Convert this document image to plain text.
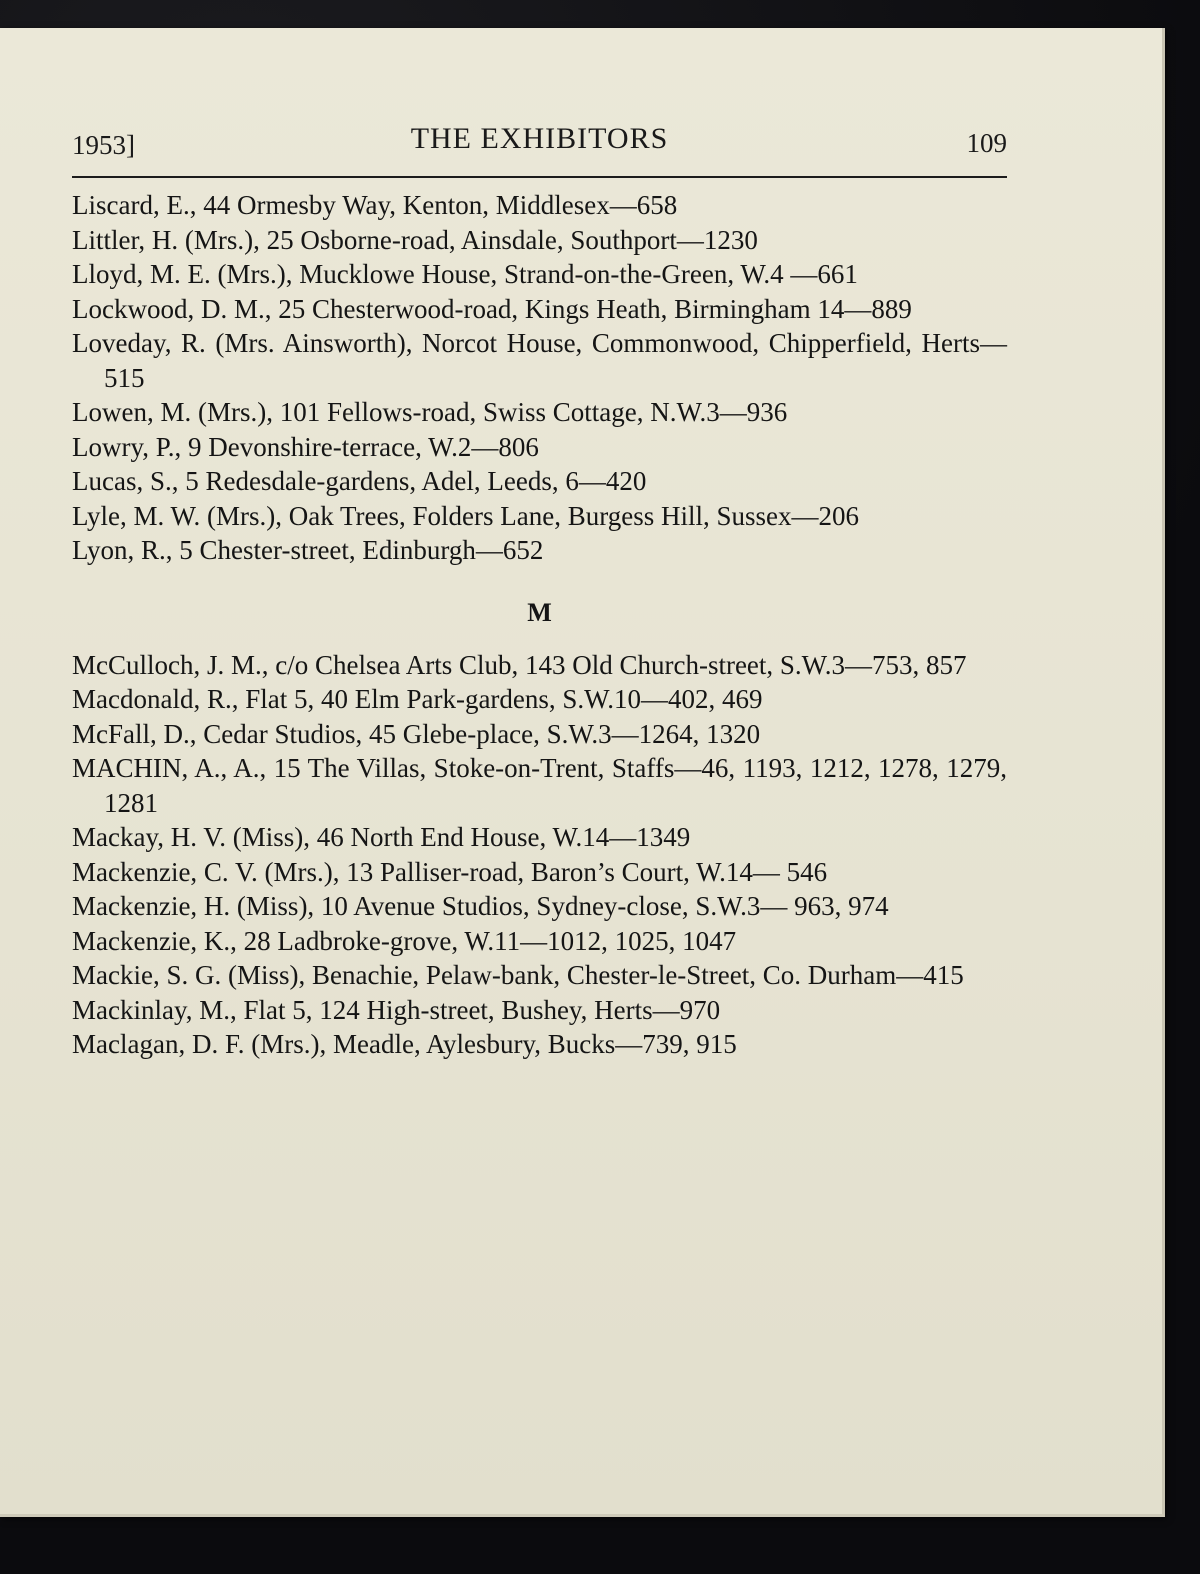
1953]	THE EXHIBITORS	109
Liscard, E., 44 Ormesby Way, Kenton, Middlesex—658
Littler, H. (Mrs.), 25 Osborne-road, Ainsdale, Southport—1230
Lloyd, M. E. (Mrs.), Mucklowe House, Strand-on-the-Green, W.4 —661
Lockwood, D. M., 25 Chesterwood-road, Kings Heath, Birmingham 14—889
Loveday, R. (Mrs. Ainsworth), Norcot House, Commonwood, Chipperfield, Herts—515
Lowen, M. (Mrs.), 101 Fellows-road, Swiss Cottage, N.W.3—936
Lowry, P., 9 Devonshire-terrace, W.2—806
Lucas, S., 5 Redesdale-gardens, Adel, Leeds, 6—420
Lyle, M. W. (Mrs.), Oak Trees, Folders Lane, Burgess Hill, Sussex—206
Lyon, R., 5 Chester-street, Edinburgh—652
M
McCulloch, J. M., c/o Chelsea Arts Club, 143 Old Church-street, S.W.3—753, 857
Macdonald, R., Flat 5, 40 Elm Park-gardens, S.W.10—402, 469
McFall, D., Cedar Studios, 45 Glebe-place, S.W.3—1264, 1320
MACHIN, A., A., 15 The Villas, Stoke-on-Trent, Staffs—46, 1193, 1212, 1278, 1279, 1281
Mackay, H. V. (Miss), 46 North End House, W.14—1349
Mackenzie, C. V. (Mrs.), 13 Palliser-road, Baron’s Court, W.14— 546
Mackenzie, H. (Miss), 10 Avenue Studios, Sydney-close, S.W.3— 963, 974
Mackenzie, K., 28 Ladbroke-grove, W.11—1012, 1025, 1047
Mackie, S. G. (Miss), Benachie, Pelaw-bank, Chester-le-Street, Co. Durham—415
Mackinlay, M., Flat 5, 124 High-street, Bushey, Herts—970
Maclagan, D. F. (Mrs.), Meadle, Aylesbury, Bucks—739, 915
